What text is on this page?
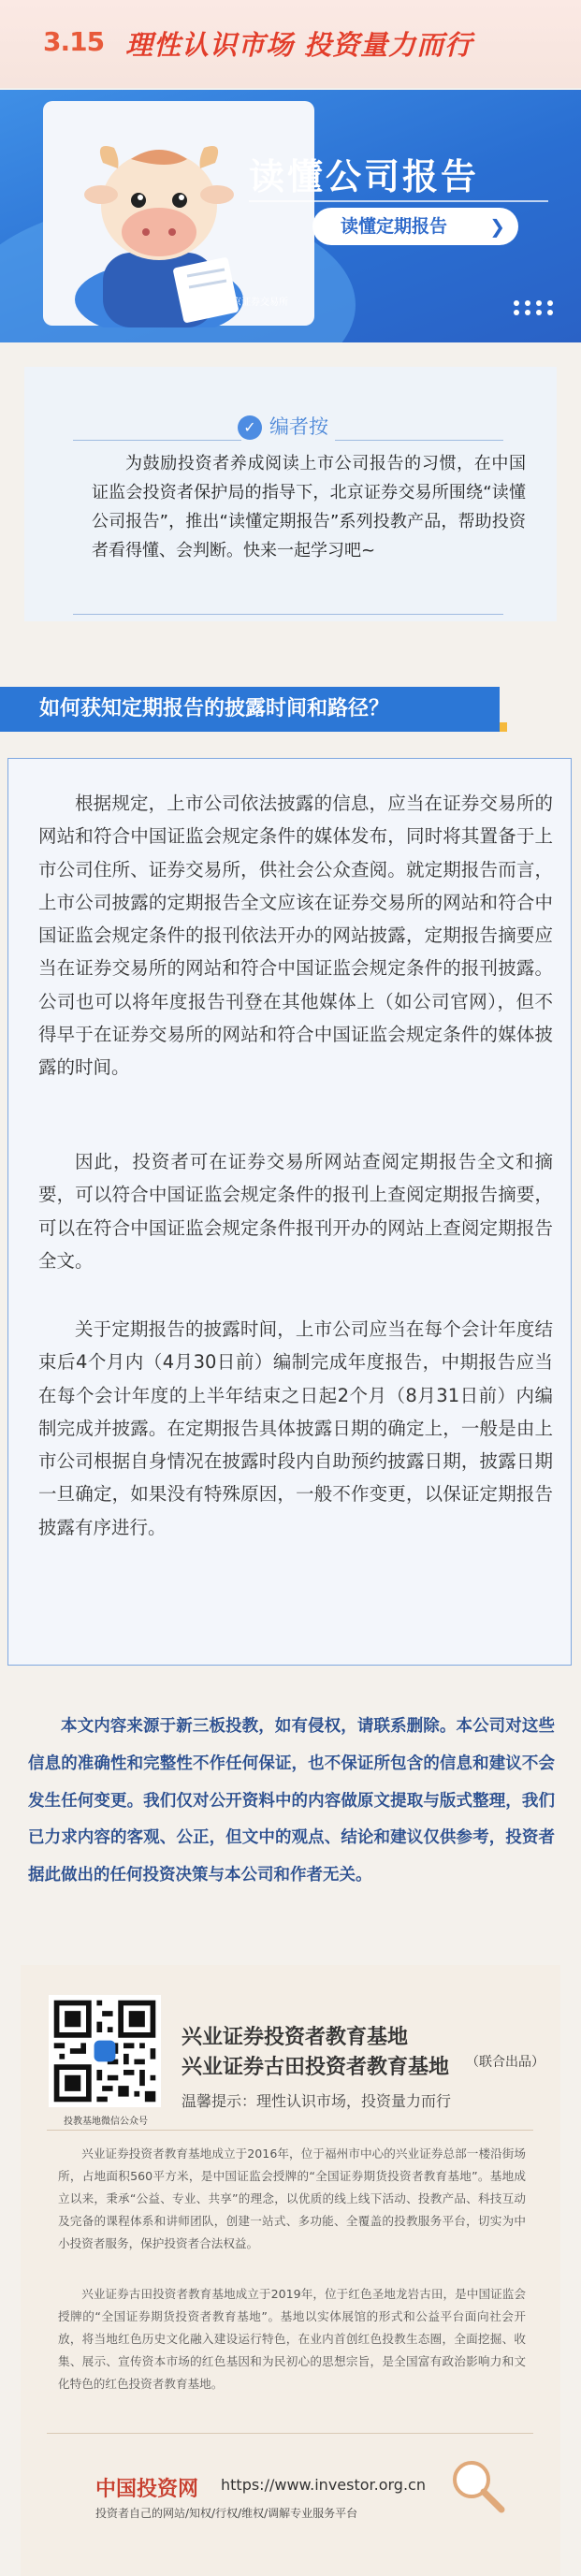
3.15 理性认识市场 投资量力而行
读懂公司报告
读懂定期报告	❯
北京证券交易所
✓ 编者按
为鼓励投资者养成阅读上市公司报告的习惯，在中国证监会投资者保护局的指导下，北京证券交易所围绕“读懂公司报告”，推出“读懂定期报告”系列投教产品，帮助投资者看得懂、会判断。快来一起学习吧~
如何获知定期报告的披露时间和路径？

根据规定，上市公司依法披露的信息，应当在证券交易所的网站和符合中国证监会规定条件的媒体发布，同时将其置备于上市公司住所、证券交易所，供社会公众查阅。就定期报告而言，上市公司披露的定期报告全文应该在证券交易所的网站和符合中国证监会规定条件的报刊依法开办的网站披露，定期报告摘要应当在证券交易所的网站和符合中国证监会规定条件的报刊披露。公司也可以将年度报告刊登在其他媒体上（如公司官网），但不得早于在证券交易所的网站和符合中国证监会规定条件的媒体披露的时间。

因此，投资者可在证券交易所网站查阅定期报告全文和摘要，可以符合中国证监会规定条件的报刊上查阅定期报告摘要，可以在符合中国证监会规定条件报刊开办的网站上查阅定期报告全文。

关于定期报告的披露时间，上市公司应当在每个会计年度结束后4个月内（4月30日前）编制完成年度报告，中期报告应当在每个会计年度的上半年结束之日起2个月（8月31日前）内编制完成并披露。在定期报告具体披露日期的确定上，一般是由上市公司根据自身情况在披露时段内自助预约披露日期，披露日期一旦确定，如果没有特殊原因，一般不作变更，以保证定期报告披露有序进行。

本文内容来源于新三板投教，如有侵权，请联系删除。本公司对这些信息的准确性和完整性不作任何保证，也不保证所包含的信息和建议不会发生任何变更。我们仅对公开资料中的内容做原文提取与版式整理，我们已力求内容的客观、公正，但文中的观点、结论和建议仅供参考，投资者据此做出的任何投资决策与本公司和作者无关。

投教基地微信公众号
兴业证券投资者教育基地
兴业证券古田投资者教育基地 （联合出品）
温馨提示：理性认识市场，投资量力而行

兴业证券投资者教育基地成立于2016年，位于福州市中心的兴业证券总部一楼沿街场所，占地面积560平方米，是中国证监会授牌的“全国证券期货投资者教育基地”。基地成立以来，秉承“公益、专业、共享”的理念，以优质的线上线下活动、投教产品、科技互动及完备的课程体系和讲师团队，创建一站式、多功能、全覆盖的投教服务平台，切实为中小投资者服务，保护投资者合法权益。

兴业证券古田投资者教育基地成立于2019年，位于红色圣地龙岩古田，是中国证监会授牌的“全国证券期货投资者教育基地”。基地以实体展馆的形式和公益平台面向社会开放，将当地红色历史文化融入建设运行特色，在业内首创红色投教生态圈，全面挖掘、收集、展示、宣传资本市场的红色基因和为民初心的思想宗旨，是全国富有政治影响力和文化特色的红色投资者教育基地。

中国投资网 https://www.investor.org.cn
投资者自己的网站/知权/行权/维权/调解专业服务平台
